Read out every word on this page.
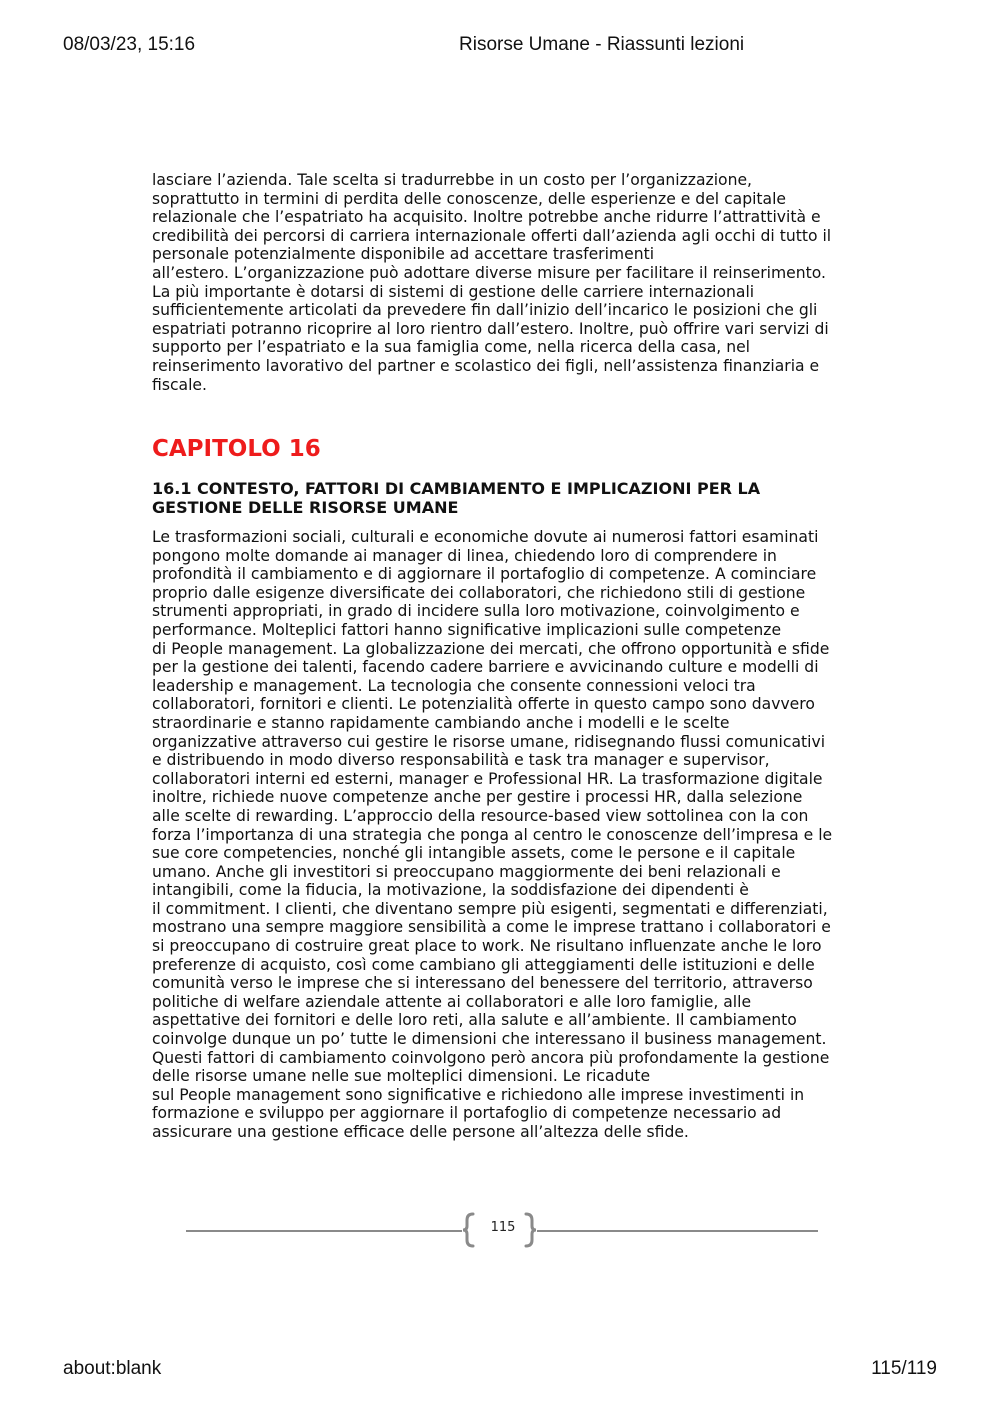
08/03/23, 15:16	Risorse Umane - Riassunti lezioni
lasciare l’azienda. Tale scelta si tradurrebbe in un costo per l’organizzazione,
soprattutto in termini di perdita delle conoscenze, delle esperienze e del capitale
relazionale che l’espatriato ha acquisito. Inoltre potrebbe anche ridurre l’attrattività e
credibilità dei percorsi di carriera internazionale offerti dall’azienda agli occhi di tutto il
personale potenzialmente disponibile ad accettare trasferimenti
all’estero. L’organizzazione può adottare diverse misure per facilitare il reinserimento.
La più importante è dotarsi di sistemi di gestione delle carriere internazionali
sufficientemente articolati da prevedere fin dall’inizio dell’incarico le posizioni che gli
espatriati potranno ricoprire al loro rientro dall’estero. Inoltre, può offrire vari servizi di
supporto per l’espatriato e la sua famiglia come, nella ricerca della casa, nel
reinserimento lavorativo del partner e scolastico dei figli, nell’assistenza finanziaria e
fiscale.
CAPITOLO 16
16.1 CONTESTO, FATTORI DI CAMBIAMENTO E IMPLICAZIONI PER LA
GESTIONE DELLE RISORSE UMANE
Le trasformazioni sociali, culturali e economiche dovute ai numerosi fattori esaminati
pongono molte domande ai manager di linea, chiedendo loro di comprendere in
profondità il cambiamento e di aggiornare il portafoglio di competenze. A cominciare
proprio dalle esigenze diversificate dei collaboratori, che richiedono stili di gestione
strumenti appropriati, in grado di incidere sulla loro motivazione, coinvolgimento e
performance. Molteplici fattori hanno significative implicazioni sulle competenze
di People management. La globalizzazione dei mercati, che offrono opportunità e sfide
per la gestione dei talenti, facendo cadere barriere e avvicinando culture e modelli di
leadership e management. La tecnologia che consente connessioni veloci tra
collaboratori, fornitori e clienti. Le potenzialità offerte in questo campo sono davvero
straordinarie e stanno rapidamente cambiando anche i modelli e le scelte
organizzative attraverso cui gestire le risorse umane, ridisegnando flussi comunicativi
e distribuendo in modo diverso responsabilità e task tra manager e supervisor,
collaboratori interni ed esterni, manager e Professional HR. La trasformazione digitale
inoltre, richiede nuove competenze anche per gestire i processi HR, dalla selezione
alle scelte di rewarding. L’approccio della resource-based view sottolinea con la con
forza l’importanza di una strategia che ponga al centro le conoscenze dell’impresa e le
sue core competencies, nonché gli intangible assets, come le persone e il capitale
umano. Anche gli investitori si preoccupano maggiormente dei beni relazionali e
intangibili, come la fiducia, la motivazione, la soddisfazione dei dipendenti è
il commitment. I clienti, che diventano sempre più esigenti, segmentati e differenziati,
mostrano una sempre maggiore sensibilità a come le imprese trattano i collaboratori e
si preoccupano di costruire great place to work. Ne risultano influenzate anche le loro
preferenze di acquisto, così come cambiano gli atteggiamenti delle istituzioni e delle
comunità verso le imprese che si interessano del benessere del territorio, attraverso
politiche di welfare aziendale attente ai collaboratori e alle loro famiglie, alle
aspettative dei fornitori e delle loro reti, alla salute e all’ambiente. Il cambiamento
coinvolge dunque un po’ tutte le dimensioni che interessano il business management.
Questi fattori di cambiamento coinvolgono però ancora più profondamente la gestione
delle risorse umane nelle sue molteplici dimensioni. Le ricadute
sul People management sono significative e richiedono alle imprese investimenti in
formazione e sviluppo per aggiornare il portafoglio di competenze necessario ad
assicurare una gestione efficace delle persone all’altezza delle sfide.
115
about:blank	115/119
